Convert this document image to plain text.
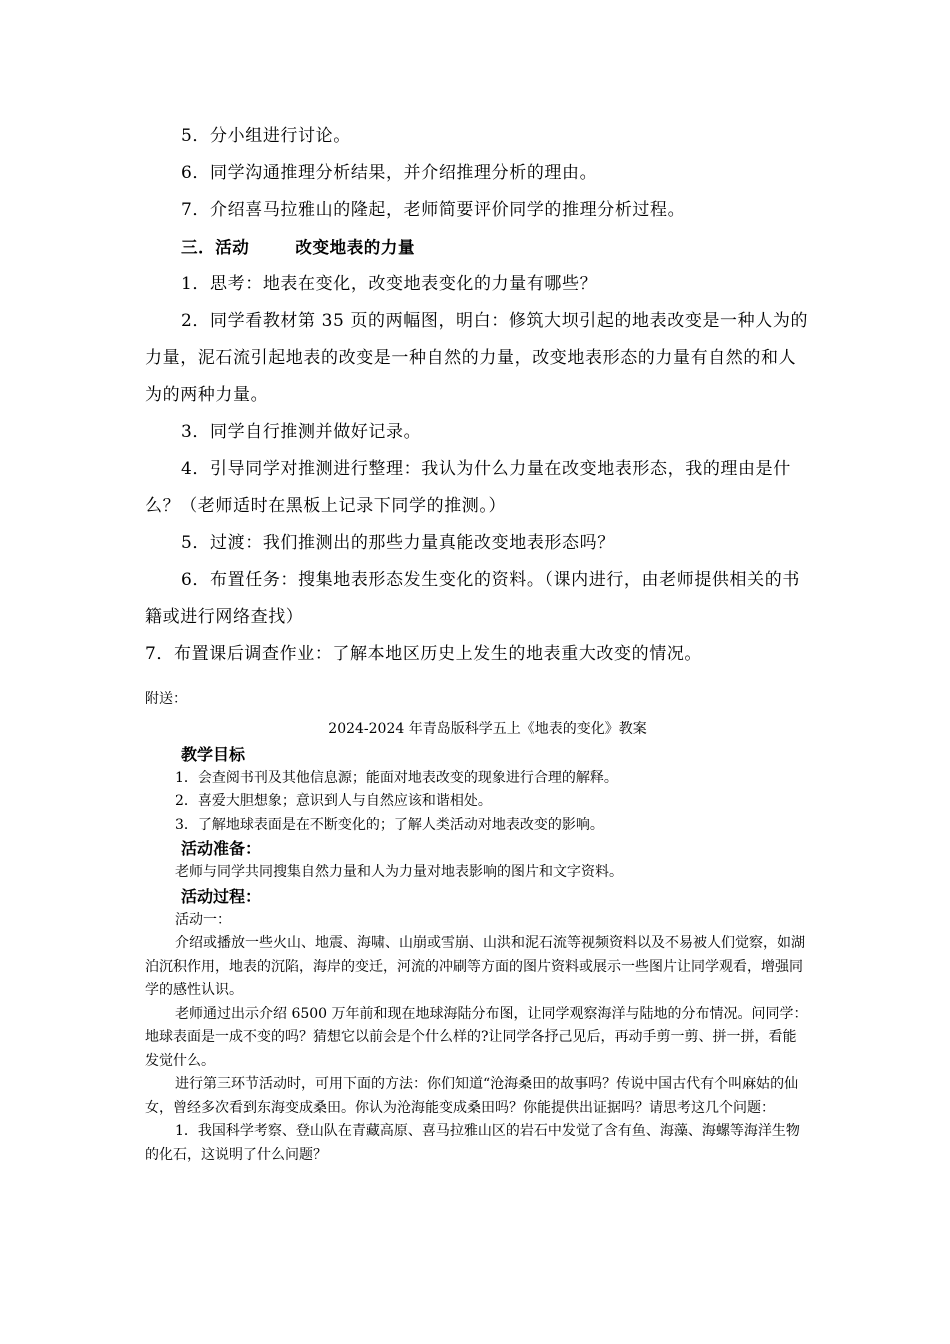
5．分小组进行讨论。

6．同学沟通推理分析结果，并介绍推理分析的理由。

7．介绍喜马拉雅山的隆起，老师简要评价同学的推理分析过程。

三．活动	改变地表的力量

1．思考：地表在变化，改变地表变化的力量有哪些？

2．同学看教材第 35 页的两幅图，明白：修筑大坝引起的地表改变是一种人为的力量，泥石流引起地表的改变是一种自然的力量，改变地表形态的力量有自然的和人为的两种力量。

3．同学自行推测并做好记录。

4．引导同学对推测进行整理：我认为什么力量在改变地表形态，我的理由是什么？（老师适时在黑板上记录下同学的推测。）

5．过渡：我们推测出的那些力量真能改变地表形态吗？

6．布置任务：搜集地表形态发生变化的资料。（课内进行，由老师提供相关的书籍或进行网络查找）

7．布置课后调查作业：了解本地区历史上发生的地表重大改变的情况。

附送：

2024-2024 年青岛版科学五上《地表的变化》教案

教学目标

1．会查阅书刊及其他信息源；能面对地表改变的现象进行合理的解释。

2．喜爱大胆想象；意识到人与自然应该和谐相处。

3．了解地球表面是在不断变化的；了解人类活动对地表改变的影响。

活动准备：

老师与同学共同搜集自然力量和人为力量对地表影响的图片和文字资料。

活动过程：

活动一：

介绍或播放一些火山、地震、海啸、山崩或雪崩、山洪和泥石流等视频资料以及不易被人们觉察，如湖泊沉积作用，地表的沉陷，海岸的变迁，河流的冲刷等方面的图片资料或展示一些图片让同学观看，增强同学的感性认识。

老师通过出示介绍 6500 万年前和现在地球海陆分布图，让同学观察海洋与陆地的分布情况。问同学：地球表面是一成不变的吗？猜想它以前会是个什么样的?让同学各抒己见后，再动手剪一剪、拼一拼，看能发觉什么。

进行第三环节活动时，可用下面的方法：你们知道“沧海桑田的故事吗？传说中国古代有个叫麻姑的仙女，曾经多次看到东海变成桑田。你认为沧海能变成桑田吗？你能提供出证据吗？请思考这几个问题：

1．我国科学考察、登山队在青藏高原、喜马拉雅山区的岩石中发觉了含有鱼、海藻、海螺等海洋生物的化石，这说明了什么问题？
